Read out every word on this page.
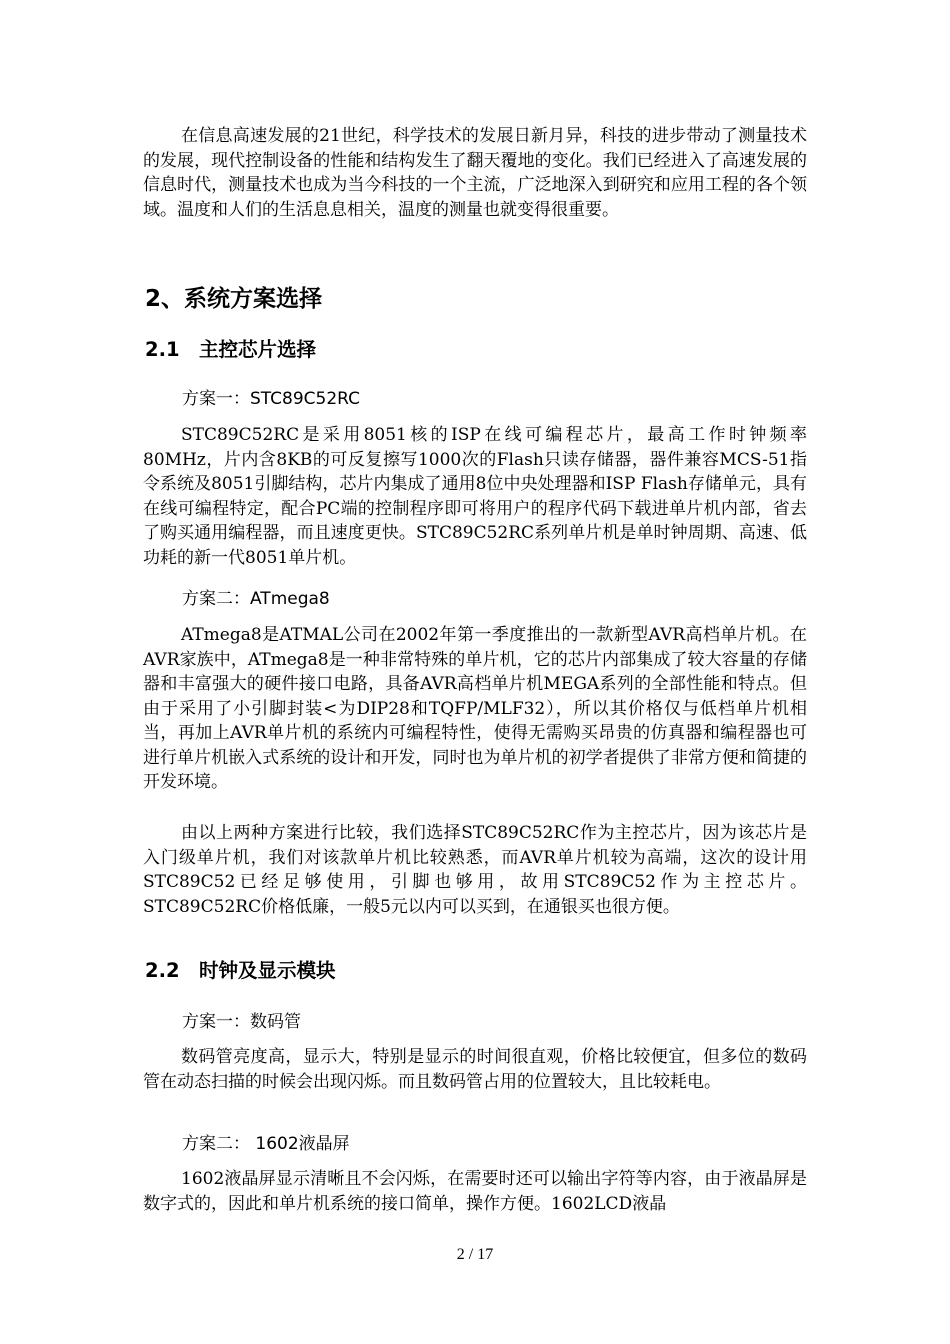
在信息高速发展的21世纪，科学技术的发展日新月异，科技的进步带动了测量技术的发展，现代控制设备的性能和结构发生了翻天覆地的变化。我们已经进入了高速发展的信息时代，测量技术也成为当今科技的一个主流，广泛地深入到研究和应用工程的各个领域。温度和人们的生活息息相关，温度的测量也就变得很重要。

2、系统方案选择
2.1 主控芯片选择

方案一：STC89C52RC

STC89C52RC是采用8051核的ISP在线可编程芯片，最高工作时钟频率80MHz，片内含8KB的可反复擦写1000次的Flash只读存储器，器件兼容MCS-51指令系统及8051引脚结构，芯片内集成了通用8位中央处理器和ISP Flash存储单元，具有在线可编程特定，配合PC端的控制程序即可将用户的程序代码下载进单片机内部，省去了购买通用编程器，而且速度更快。STC89C52RC系列单片机是单时钟周期、高速、低功耗的新一代8051单片机。

方案二：ATmega8

ATmega8是ATMAL公司在2002年第一季度推出的一款新型AVR高档单片机。在AVR家族中，ATmega8是一种非常特殊的单片机，它的芯片内部集成了较大容量的存储器和丰富强大的硬件接口电路，具备AVR高档单片机MEGA系列的全部性能和特点。但由于采用了小引脚封装<为DIP28和TQFP/MLF32），所以其价格仅与低档单片机相当，再加上AVR单片机的系统内可编程特性，使得无需购买昂贵的仿真器和编程器也可进行单片机嵌入式系统的设计和开发，同时也为单片机的初学者提供了非常方便和简捷的开发环境。

由以上两种方案进行比较，我们选择STC89C52RC作为主控芯片，因为该芯片是入门级单片机，我们对该款单片机比较熟悉，而AVR单片机较为高端，这次的设计用STC89C52已经足够使用，引脚也够用，故用STC89C52作为主控芯片。STC89C52RC价格低廉，一般5元以内可以买到，在通银买也很方便。

2.2 时钟及显示模块

方案一：数码管

数码管亮度高，显示大，特别是显示的时间很直观，价格比较便宜，但多位的数码管在动态扫描的时候会出现闪烁。而且数码管占用的位置较大，且比较耗电。

方案二： 1602液晶屏

1602液晶屏显示清晰且不会闪烁，在需要时还可以输出字符等内容，由于液晶屏是数字式的，因此和单片机系统的接口简单，操作方便。1602LCD液晶

2 / 17
